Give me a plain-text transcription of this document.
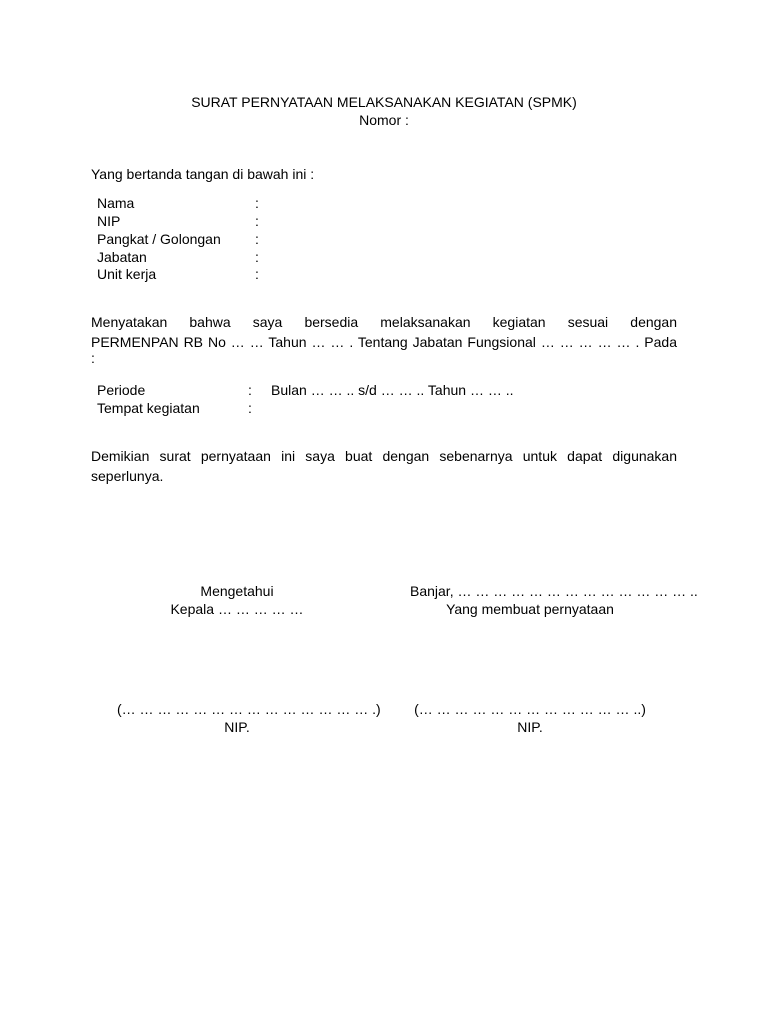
SURAT PERNYATAAN MELAKSANAKAN KEGIATAN (SPMK)
Nomor :
Yang bertanda tangan di bawah ini :
Nama	:
NIP	:
Pangkat / Golongan :
Jabatan	:
Unit kerja	:
Menyatakan bahwa saya bersedia melaksanakan kegiatan sesuai dengan
PERMENPAN RB No … … Tahun … … . Tentang Jabatan Fungsional … … … … … . Pada
:
Periode	: Bulan … … .. s/d … … .. Tahun … … ..
Tempat kegiatan	:
Demikian surat pernyataan ini saya buat dengan sebenarnya untuk dapat digunakan
seperlunya.
Mengetahui
Kepala … … … … …
(… … … … … … … … … … … … … … .)
NIP.
Banjar, … … … … … … … … … … … … … ..
Yang membuat pernyataan
(… … … … … … … … … … … … ..)
NIP.
